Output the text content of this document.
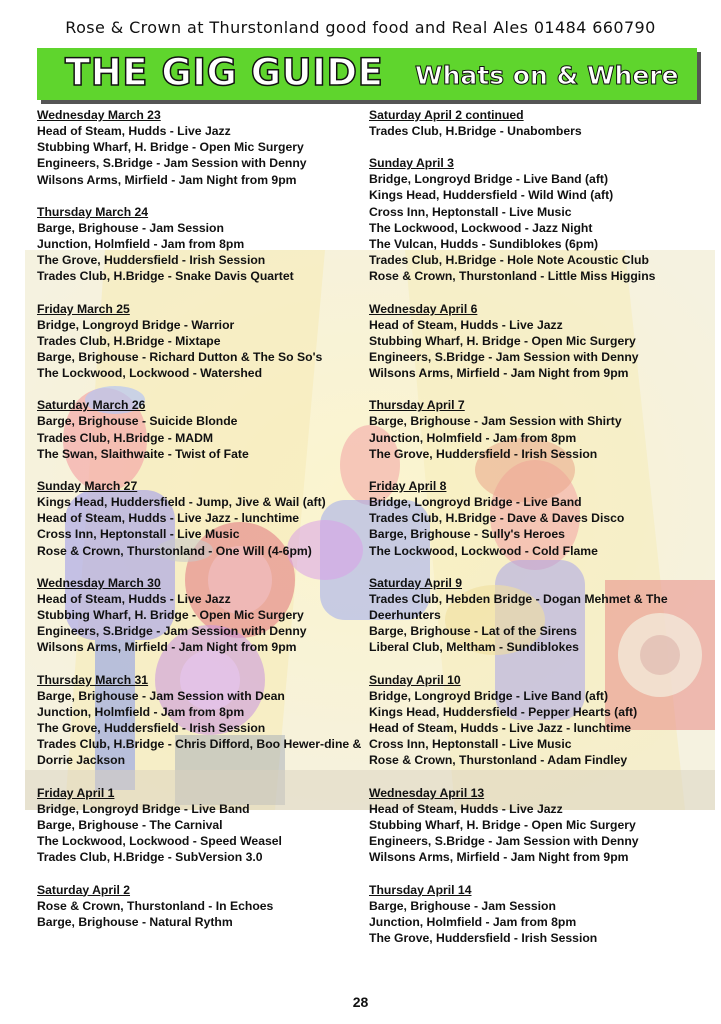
Rose & Crown at Thurstonland good food and Real Ales 01484 660790
THE GIG GUIDE Whats on & Where
Wednesday March 23
Head of Steam, Hudds - Live Jazz
Stubbing Wharf, H. Bridge - Open Mic Surgery
Engineers, S.Bridge - Jam Session with Denny
Wilsons Arms, Mirfield - Jam Night from 9pm
Thursday March 24
Barge, Brighouse - Jam Session
Junction, Holmfield - Jam from 8pm
The Grove, Huddersfield - Irish Session
Trades Club, H.Bridge - Snake Davis Quartet
Friday March 25
Bridge, Longroyd Bridge - Warrior
Trades Club, H.Bridge - Mixtape
Barge, Brighouse - Richard Dutton & The So So's
The Lockwood, Lockwood - Watershed
Saturday March 26
Barge, Brighouse - Suicide Blonde
Trades Club, H.Bridge - MADM
The Swan, Slaithwaite - Twist of Fate
Sunday March 27
Kings Head, Huddersfield - Jump, Jive & Wail (aft)
Head of Steam, Hudds - Live Jazz - lunchtime
Cross Inn, Heptonstall - Live Music
Rose & Crown, Thurstonland - One Will (4-6pm)
Wednesday March 30
Head of Steam, Hudds - Live Jazz
Stubbing Wharf, H. Bridge - Open Mic Surgery
Engineers, S.Bridge - Jam Session with Denny
Wilsons Arms, Mirfield - Jam Night from 9pm
Thursday March 31
Barge, Brighouse - Jam Session with Dean
Junction, Holmfield - Jam from 8pm
The Grove, Huddersfield - Irish Session
Trades Club, H.Bridge - Chris Difford, Boo Hewer-dine & Dorrie Jackson
Friday April 1
Bridge, Longroyd Bridge - Live Band
Barge, Brighouse - The Carnival
The Lockwood, Lockwood - Speed Weasel
Trades Club, H.Bridge - SubVersion 3.0
Saturday April 2
Rose & Crown, Thurstonland - In Echoes
Barge, Brighouse - Natural Rythm
Saturday April 2 continued
Trades Club, H.Bridge - Unabombers
Sunday April 3
Bridge, Longroyd Bridge - Live Band (aft)
Kings Head, Huddersfield - Wild Wind (aft)
Cross Inn, Heptonstall - Live Music
The Lockwood, Lockwood - Jazz Night
The Vulcan, Hudds - Sundiblokes (6pm)
Trades Club, H.Bridge - Hole Note Acoustic Club
Rose & Crown, Thurstonland - Little Miss Higgins
Wednesday April 6
Head of Steam, Hudds - Live Jazz
Stubbing Wharf, H. Bridge - Open Mic Surgery
Engineers, S.Bridge - Jam Session with Denny
Wilsons Arms, Mirfield - Jam Night from 9pm
Thursday April 7
Barge, Brighouse - Jam Session with Shirty
Junction, Holmfield - Jam from 8pm
The Grove, Huddersfield - Irish Session
Friday April 8
Bridge, Longroyd Bridge - Live Band
Trades Club, H.Bridge - Dave & Daves Disco
Barge, Brighouse - Sully's Heroes
The Lockwood, Lockwood - Cold Flame
Saturday April 9
Trades Club, Hebden Bridge - Dogan Mehmet & The Deerhunters
Barge, Brighouse - Lat of the Sirens
Liberal Club, Meltham - Sundiblokes
Sunday April 10
Bridge, Longroyd Bridge - Live Band (aft)
Kings Head, Huddersfield - Pepper Hearts (aft)
Head of Steam, Hudds - Live Jazz - lunchtime
Cross Inn, Heptonstall - Live Music
Rose & Crown, Thurstonland - Adam Findley
Wednesday April 13
Head of Steam, Hudds - Live Jazz
Stubbing Wharf, H. Bridge - Open Mic Surgery
Engineers, S.Bridge - Jam Session with Denny
Wilsons Arms, Mirfield - Jam Night from 9pm
Thursday April 14
Barge, Brighouse - Jam Session
Junction, Holmfield - Jam from 8pm
The Grove, Huddersfield - Irish Session
28
